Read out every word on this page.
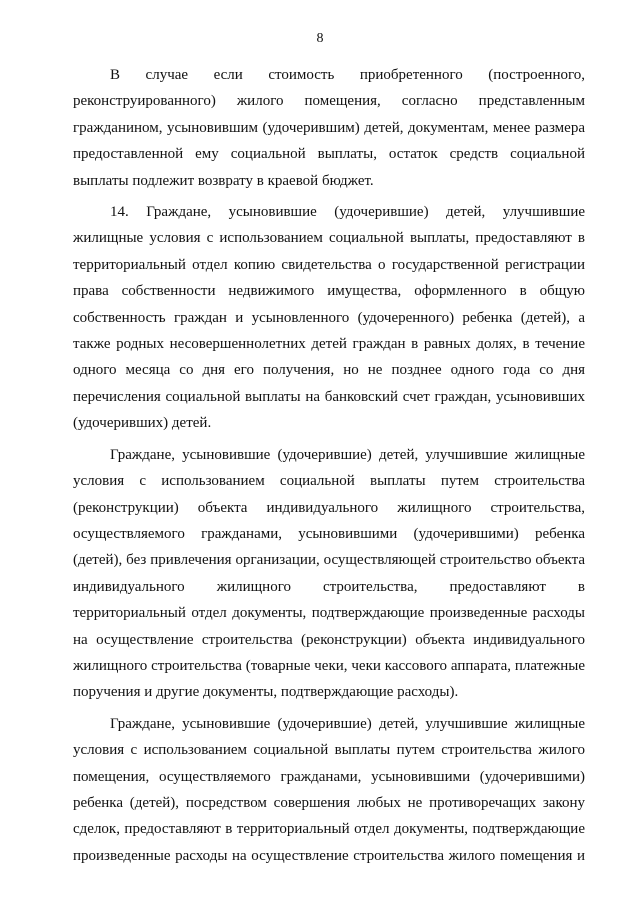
8

В случае если стоимость приобретенного (построенного, реконструированного) жилого помещения, согласно представленным гражданином, усыновившим (удочерившим) детей, документам, менее размера предоставленной ему социальной выплаты, остаток средств социальной выплаты подлежит возврату в краевой бюджет.

14. Граждане, усыновившие (удочерившие) детей, улучшившие жилищные условия с использованием социальной выплаты, предоставляют в территориальный отдел копию свидетельства о государственной регистрации права собственности недвижимого имущества, оформленного в общую собственность граждан и усыновленного (удочеренного) ребенка (детей), а также родных несовершеннолетних детей граждан в равных долях, в течение одного месяца со дня его получения, но не позднее одного года со дня перечисления социальной выплаты на банковский счет граждан, усыновивших (удочеривших) детей.

Граждане, усыновившие (удочерившие) детей, улучшившие жилищные условия с использованием социальной выплаты путем строительства (реконструкции) объекта индивидуального жилищного строительства, осуществляемого гражданами, усыновившими (удочерившими) ребенка (детей), без привлечения организации, осуществляющей строительство объекта индивидуального жилищного строительства, предоставляют в территориальный отдел документы, подтверждающие произведенные расходы на осуществление строительства (реконструкции) объекта индивидуального жилищного строительства (товарные чеки, чеки кассового аппарата, платежные поручения и другие документы, подтверждающие расходы).

Граждане, усыновившие (удочерившие) детей, улучшившие жилищные условия с использованием социальной выплаты путем строительства жилого помещения, осуществляемого гражданами, усыновившими (удочерившими) ребенка (детей), посредством совершения любых не противоречащих закону сделок, предоставляют в территориальный отдел документы, подтверждающие произведенные расходы на осуществление строительства жилого помещения и
